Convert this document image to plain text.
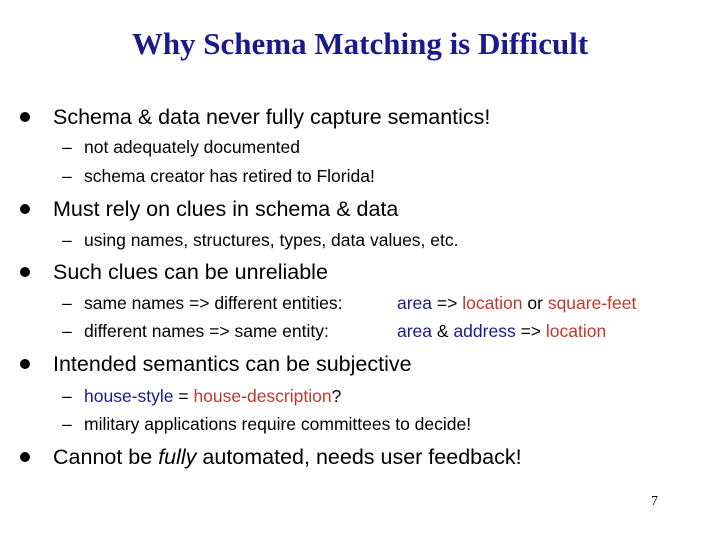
Why Schema Matching is Difficult
Schema & data never fully capture semantics!
– not adequately documented
– schema creator has retired to Florida!
Must rely on clues in schema & data
– using names, structures, types, data values, etc.
Such clues can be unreliable
– same names => different entities:	area => location or square-feet
– different names => same entity:	area & address => location
Intended semantics can be subjective
– house-style = house-description?
– military applications require committees to decide!
Cannot be fully automated, needs user feedback!
7
